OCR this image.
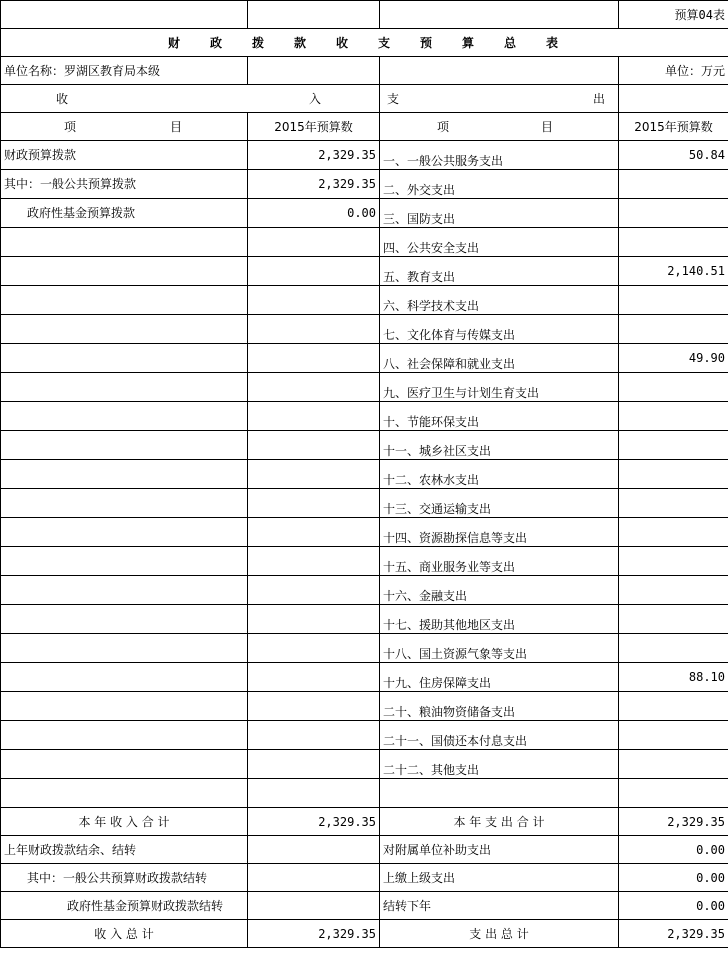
			预算04表
财政拨款收支预算总表			
单位名称：罗湖区教育局本级			单位：万元

收 入		支 出	

项 目	2015年预算数	项 目	2015年预算数
财政预算拨款	2,329.35	一、一般公共服务支出	50.84
其中：一般公共预算拨款	2,329.35	二、外交支出	
政府性基金预算拨款	0.00	三、国防支出	
		四、公共安全支出	
		五、教育支出	2,140.51
		六、科学技术支出	
		七、文化体育与传媒支出	
		八、社会保障和就业支出	49.90
		九、医疗卫生与计划生育支出	
		十、节能环保支出	
		十一、城乡社区支出	
		十二、农林水支出	
		十三、交通运输支出	
		十四、资源勘探信息等支出	
		十五、商业服务业等支出	
		十六、金融支出	
		十七、援助其他地区支出	
		十八、国土资源气象等支出	
		十九、住房保障支出	88.10
		二十、粮油物资储备支出	
		二十一、国债还本付息支出	
		二十二、其他支出	

本 年 收 入 合 计	2,329.35	本 年 支 出 合 计	2,329.35
上年财政拨款结余、结转		对附属单位补助支出	0.00
其中：一般公共预算财政拨款结转		上缴上级支出	0.00
政府性基金预算财政拨款结转		结转下年	0.00
收 入 总 计	2,329.35	支 出 总 计	2,329.35
